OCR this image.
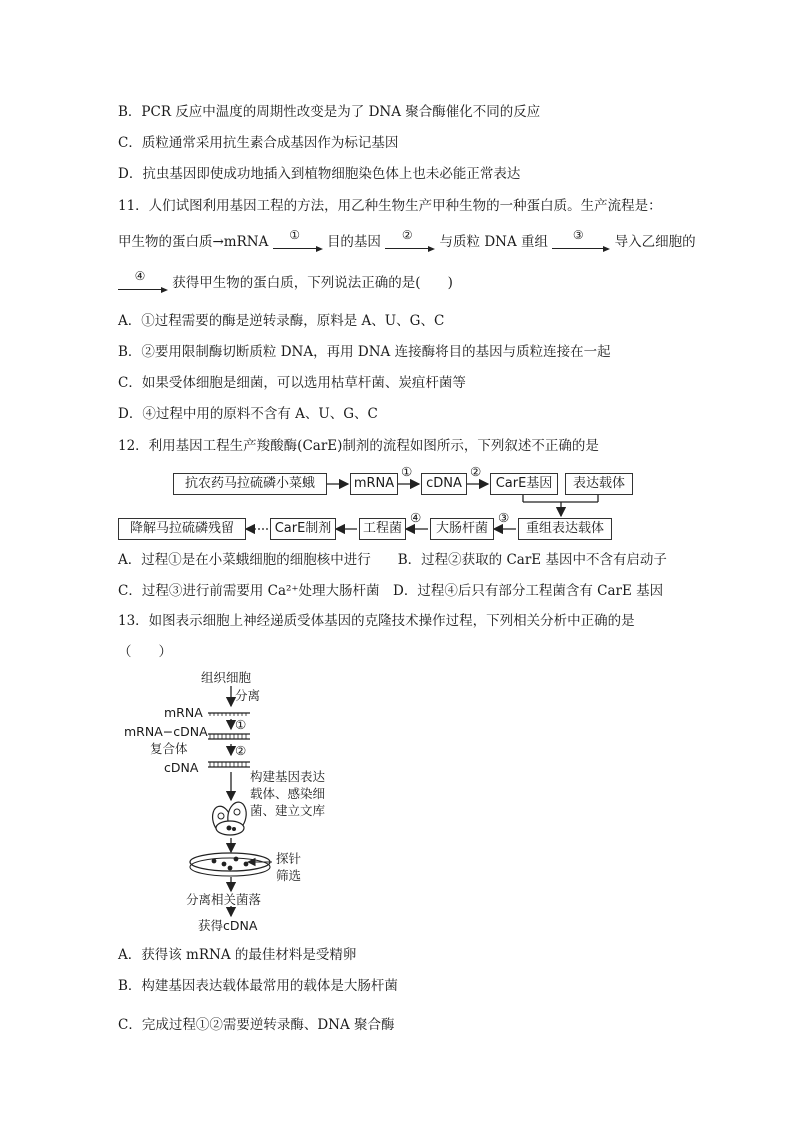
B．PCR 反应中温度的周期性改变是为了 DNA 聚合酶催化不同的反应
C．质粒通常采用抗生素合成基因作为标记基因
D．抗虫基因即使成功地插入到植物细胞染色体上也未必能正常表达
11．人们试图利用基因工程的方法，用乙种生物生产甲种生物的一种蛋白质。生产流程是：
甲生物的蛋白质→mRNA	①	目的基因	②	与质粒 DNA 重组	③	导入乙细胞的
④	获得甲生物的蛋白质，下列说法正确的是(　　)
A．①过程需要的酶是逆转录酶，原料是 A、U、G、C
B．②要用限制酶切断质粒 DNA，再用 DNA 连接酶将目的基因与质粒连接在一起
C．如果受体细胞是细菌，可以选用枯草杆菌、炭疽杆菌等
D．④过程中用的原料不含有 A、U、G、C
12．利用基因工程生产羧酸酶(CarE)制剂的流程如图所示，下列叙述不正确的是
抗农药马拉硫磷小菜蛾	mRNA	cDNA	CarE基因	表达载体
重组表达载体
大肠杆菌
工程菌
CarE制剂
降解马拉硫磷残留
①	②
③
④
A．过程①是在小菜蛾细胞的细胞核中进行　　B．过程②获取的 CarE 基因中不含有启动子
C．过程③进行前需要用 Ca²⁺处理大肠杆菌　D．过程④后只有部分工程菌含有 CarE 基因
13．如图表示细胞上神经递质受体基因的克隆技术操作过程，下列相关分析中正确的是
（　　）
组织细胞
分离
mRNA
mRNA−cDNA
复合体
cDNA
①
②
构建基因表达
载体、感染细
菌、建立文库
探针
筛选
分离相关菌落
获得cDNA
A．获得该 mRNA 的最佳材料是受精卵
B．构建基因表达载体最常用的载体是大肠杆菌
C．完成过程①②需要逆转录酶、DNA 聚合酶
